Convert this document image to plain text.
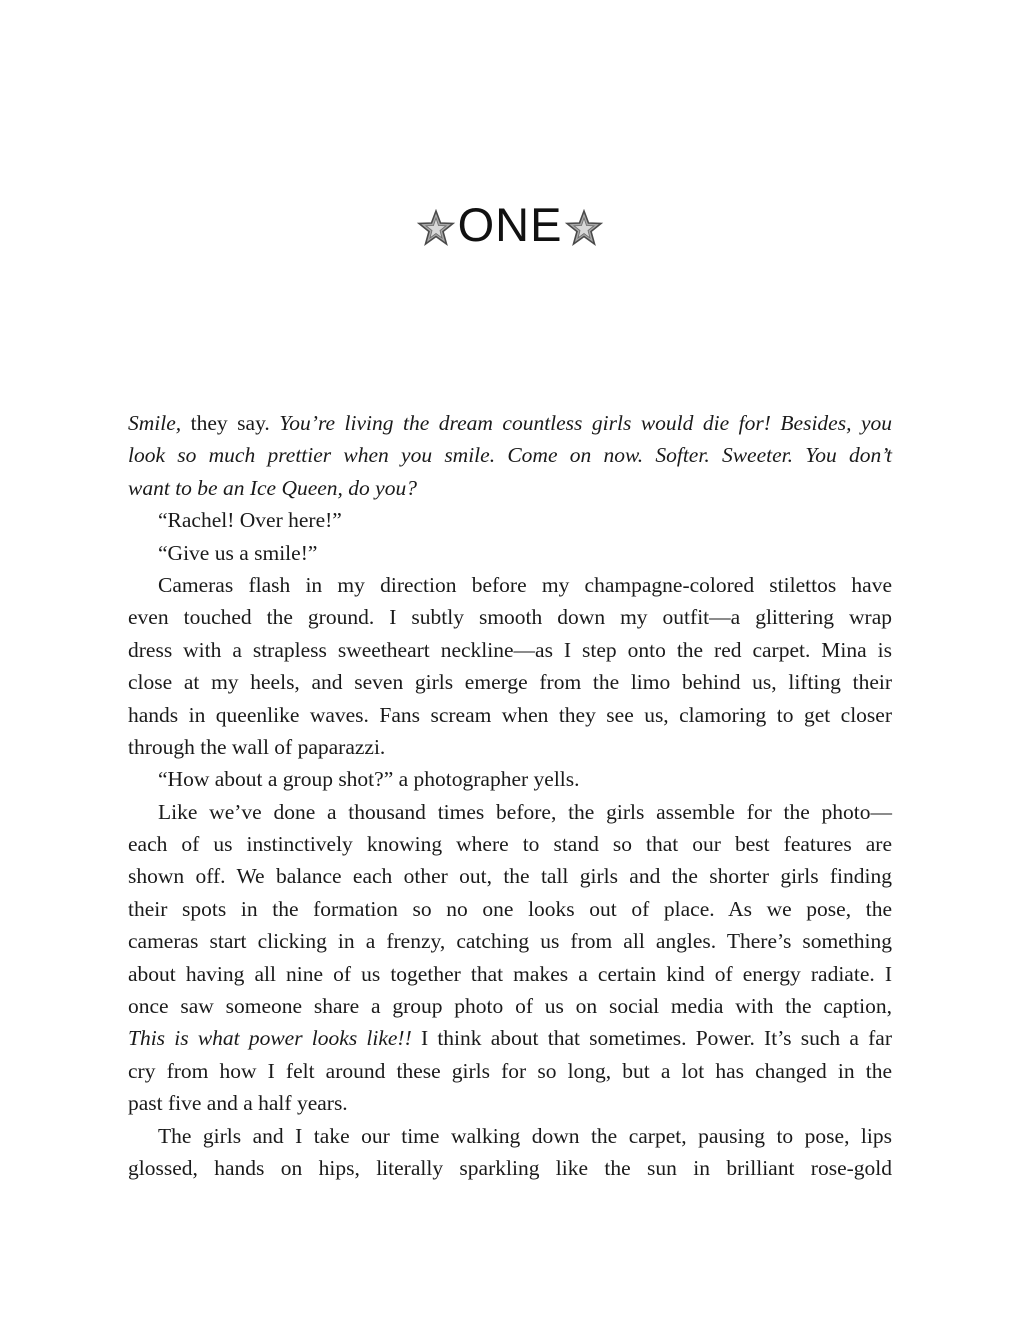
ONE
Smile, they say. You’re living the dream countless girls would die for! Besides, you
look so much prettier when you smile. Come on now. Softer. Sweeter. You don’t
want to be an Ice Queen, do you?
“Rachel! Over here!”
“Give us a smile!”
Cameras flash in my direction before my champagne-colored stilettos have
even touched the ground. I subtly smooth down my outfit—a glittering wrap
dress with a strapless sweetheart neckline—as I step onto the red carpet. Mina is
close at my heels, and seven girls emerge from the limo behind us, lifting their
hands in queenlike waves. Fans scream when they see us, clamoring to get closer
through the wall of paparazzi.
“How about a group shot?” a photographer yells.
Like we’ve done a thousand times before, the girls assemble for the photo—
each of us instinctively knowing where to stand so that our best features are
shown off. We balance each other out, the tall girls and the shorter girls finding
their spots in the formation so no one looks out of place. As we pose, the
cameras start clicking in a frenzy, catching us from all angles. There’s something
about having all nine of us together that makes a certain kind of energy radiate. I
once saw someone share a group photo of us on social media with the caption,
This is what power looks like!! I think about that sometimes. Power. It’s such a far
cry from how I felt around these girls for so long, but a lot has changed in the
past five and a half years.
The girls and I take our time walking down the carpet, pausing to pose, lips
glossed, hands on hips, literally sparkling like the sun in brilliant rose-gold
